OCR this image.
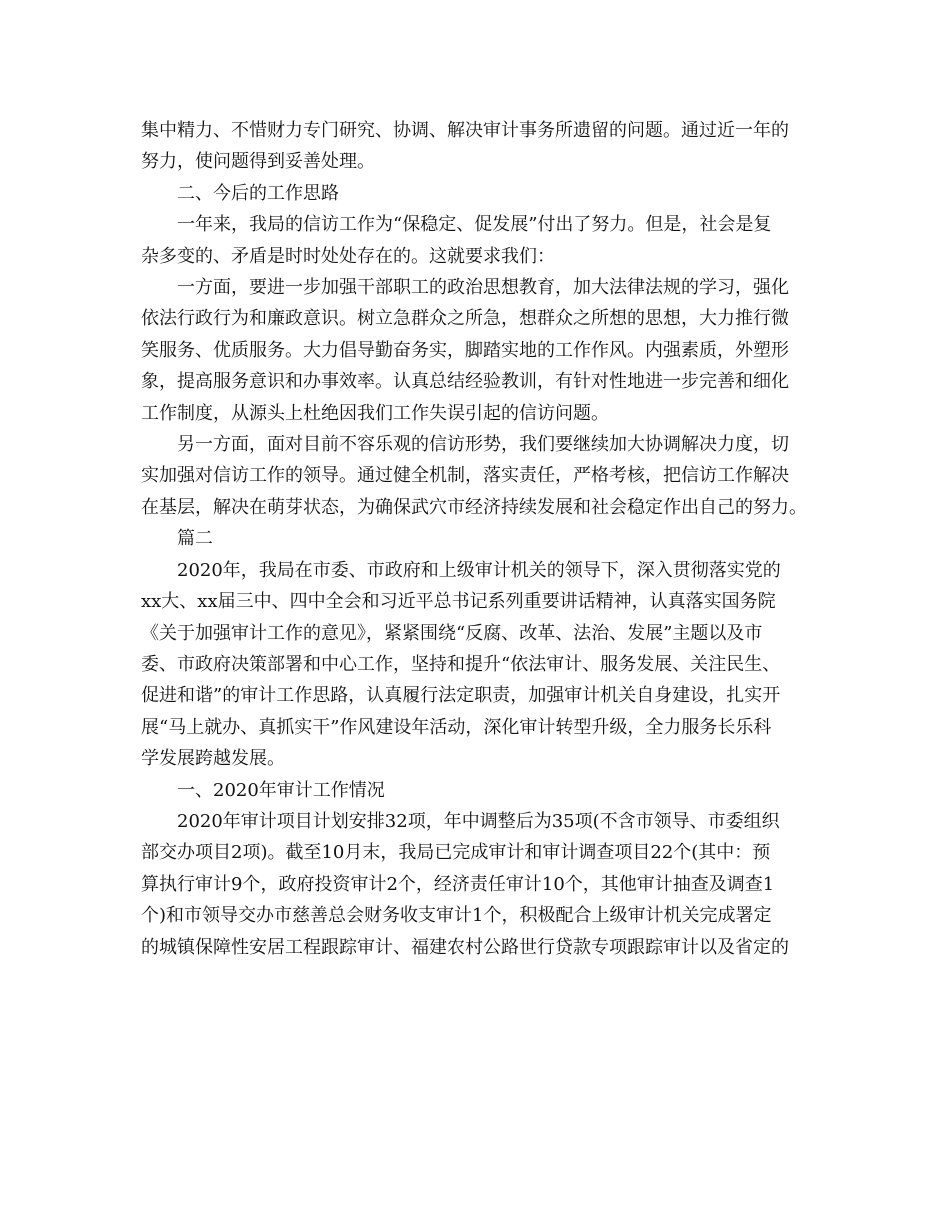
集中精力、不惜财力专门研究、协调、解决审计事务所遗留的问题。通过近一年的

努力，使问题得到妥善处理。

二、今后的工作思路

一年来，我局的信访工作为“保稳定、促发展”付出了努力。但是，社会是复

杂多变的、矛盾是时时处处存在的。这就要求我们：

一方面，要进一步加强干部职工的政治思想教育，加大法律法规的学习，强化

依法行政行为和廉政意识。树立急群众之所急，想群众之所想的思想，大力推行微

笑服务、优质服务。大力倡导勤奋务实，脚踏实地的工作作风。内强素质，外塑形

象，提高服务意识和办事效率。认真总结经验教训，有针对性地进一步完善和细化

工作制度，从源头上杜绝因我们工作失误引起的信访问题。

另一方面，面对目前不容乐观的信访形势，我们要继续加大协调解决力度，切

实加强对信访工作的领导。通过健全机制，落实责任，严格考核，把信访工作解决

在基层，解决在萌芽状态，为确保武穴市经济持续发展和社会稳定作出自己的努力。

篇二

2020年，我局在市委、市政府和上级审计机关的领导下，深入贯彻落实党的

xx大、xx届三中、四中全会和习近平总书记系列重要讲话精神，认真落实国务院

《关于加强审计工作的意见》，紧紧围绕“反腐、改革、法治、发展”主题以及市

委、市政府决策部署和中心工作，坚持和提升“依法审计、服务发展、关注民生、

促进和谐”的审计工作思路，认真履行法定职责，加强审计机关自身建设，扎实开

展“马上就办、真抓实干”作风建设年活动，深化审计转型升级，全力服务长乐科

学发展跨越发展。

一、2020年审计工作情况

2020年审计项目计划安排32项，年中调整后为35项(不含市领导、市委组织

部交办项目2项)。截至10月末，我局已完成审计和审计调查项目22个(其中：预

算执行审计9个，政府投资审计2个，经济责任审计10个，其他审计抽查及调查1

个)和市领导交办市慈善总会财务收支审计1个，积极配合上级审计机关完成署定

的城镇保障性安居工程跟踪审计、福建农村公路世行贷款专项跟踪审计以及省定的
